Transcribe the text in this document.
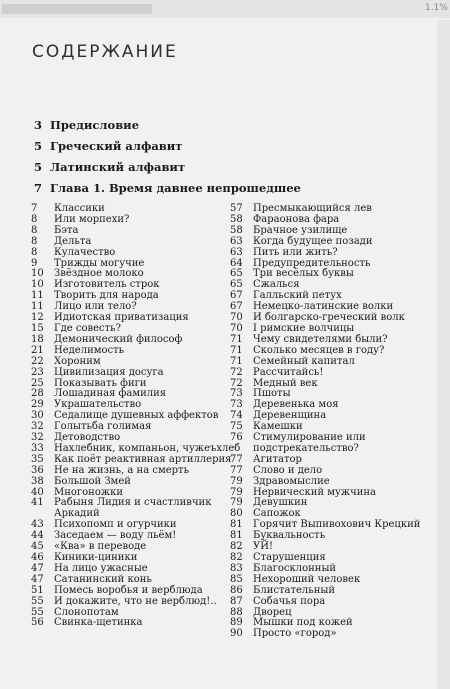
1.1%
СОДЕРЖАНИЕ
3 Предисловие
5 Греческий алфавит
5 Латинский алфавит
7 Глава 1. Время давнее непрошедшее
7	Классики
8	Или морпехи?
8	Бэта
8	Дельта
8	Кулачество
9	Трижды могучие
10	Звёздное молоко
10	Изготовитель строк
11	Творить для народа
11	Лицо или тело?
12	Идиотская приватизация
15	Где совесть?
18	Демонический философ
21	Неделимость
22	Хороним
23	Цивилизация досуга
25	Показывать фиги
28	Лошадиная фамилия
29	Украшательство
30	Седалище душевных аффектов
32	Голытьба голимая
32	Детоводство
33	Нахлебник, компаньон, чужеъхлеб
35	Как поёт реактивная артиллерия
36	Не на жизнь, а на смерть
38	Большой Змей
40	Многоножки
41	Рабыня Лидия и счастливчик
Аркадий
43	Психопомп и огурчики
44	Заседаем — воду льём!
45	«Ква» в переводе
46	Киники-циники
47	На лицо ужасные
47	Сатанинский конь
51	Помесь воробья и верблюда
55	И докажите, что не верблюд!..
55	Слонопотам
56	Свинка-щетинка
57	Пресмыкающийся лев
58	Фараонова фара
58	Брачное узилище
63	Когда будущее позади
63	Пить или жить?
64	Предупредительность
65	Три весёлых буквы
65	Сжалься
67	Галльский петух
67	Немецко-латинские волки
70	И болгарско-греческий волк
70	I римские волчицы
71	Чему свидетелями были?
71	Сколько месяцев в году?
71	Семейный капитал
72	Рассчитайсь!
72	Медный век
73	Пшоты
73	Деревенька моя
74	Деревенщина
75	Камешки
76	Стимулирование или
подстрекательство?
77	Агитатор
77	Слово и дело
79	Здравомыслие
79	Нервический мужчина
79	Девушкин
80	Сапожок
81	Горячит Выпивохович Крецкий
81	Буквальность
82	УЙ!
82	Старушенция
83	Благосклонный
85	Нехороший человек
86	Блистательный
87	Собачья пора
88	Дворец
89	Мышки под кожей
90	Просто «город»
